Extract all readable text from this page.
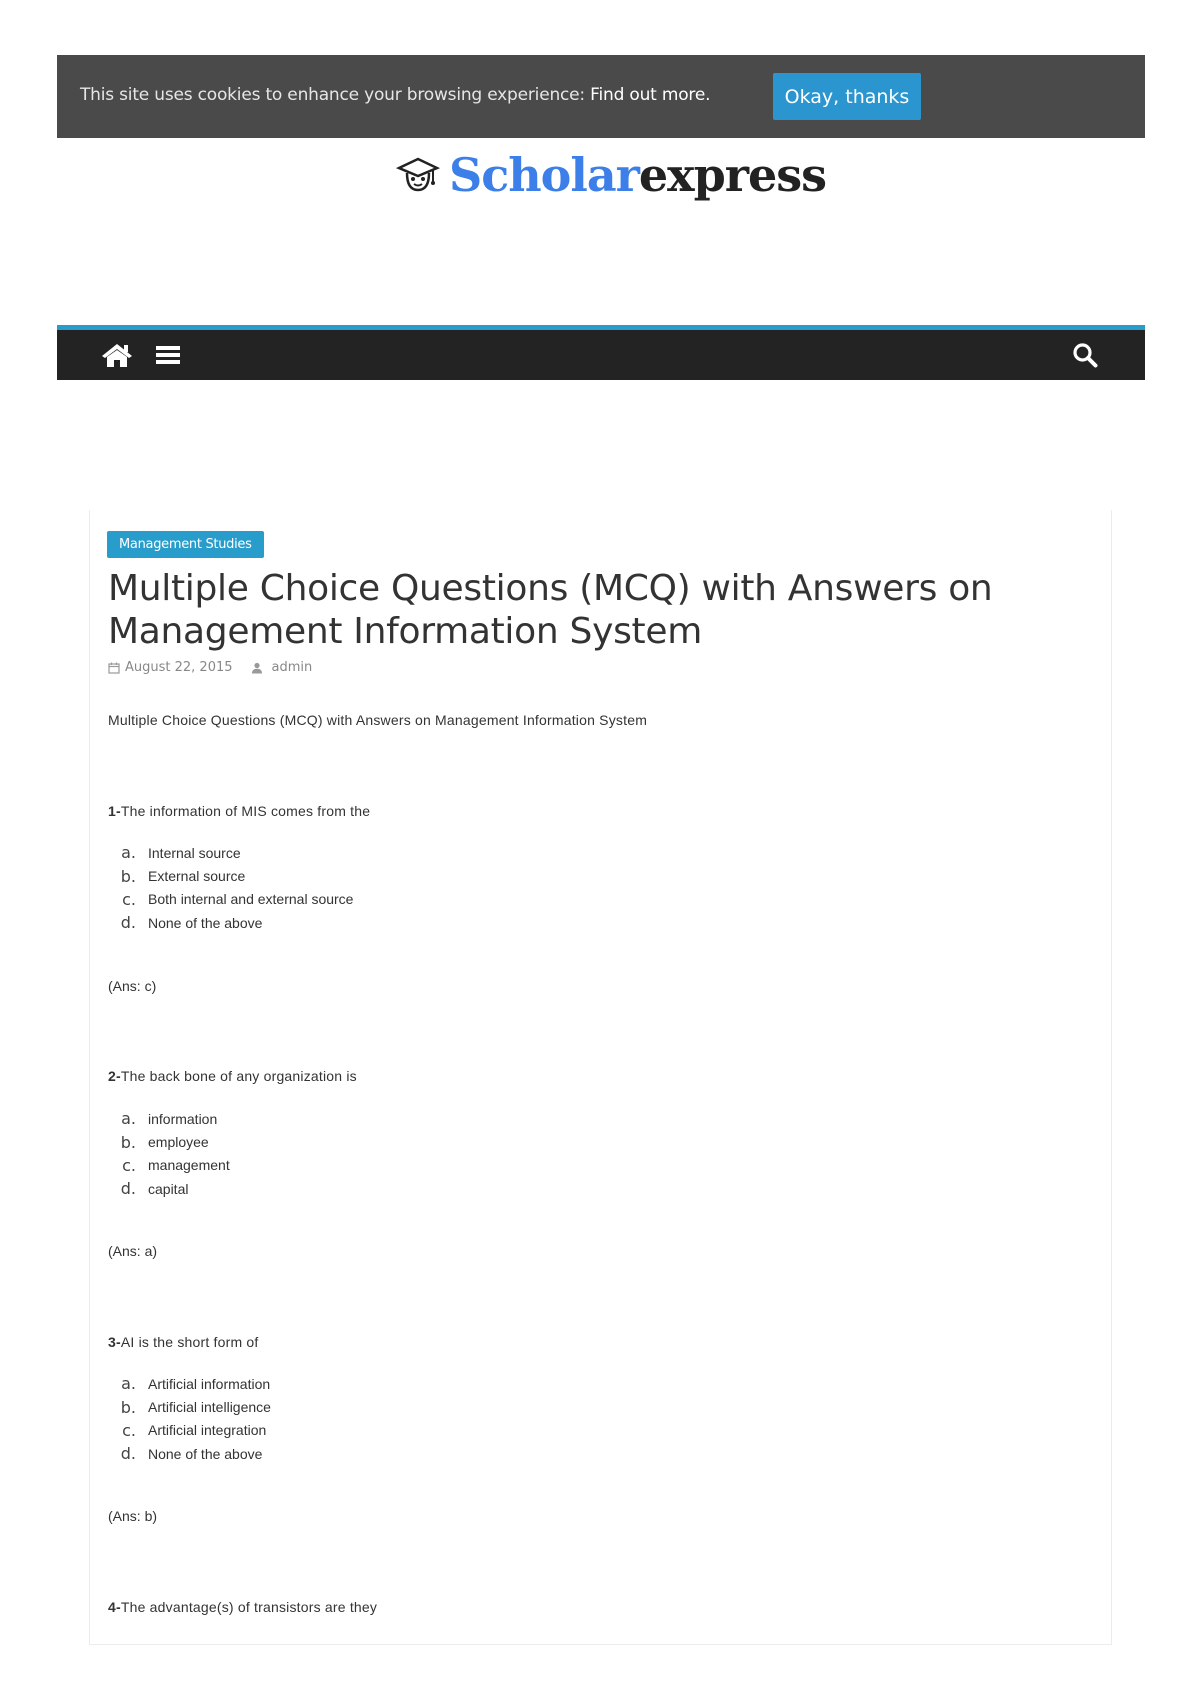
This site uses cookies to enhance your browsing experience: Find out more.	Okay, thanks
Scholarexpress
Management Studies
Multiple Choice Questions (MCQ) with Answers on Management Information System
August 22, 2015	admin

Multiple Choice Questions (MCQ) with Answers on Management Information System

1-The information of MIS comes from the

a. Internal source
b. External source
c. Both internal and external source
d. None of the above

(Ans: c)

2-The back bone of any organization is

a. information
b. employee
c. management
d. capital

(Ans: a)

3-AI is the short form of

a. Artificial information
b. Artificial intelligence
c. Artificial integration
d. None of the above

(Ans: b)

4-The advantage(s) of transistors are they
